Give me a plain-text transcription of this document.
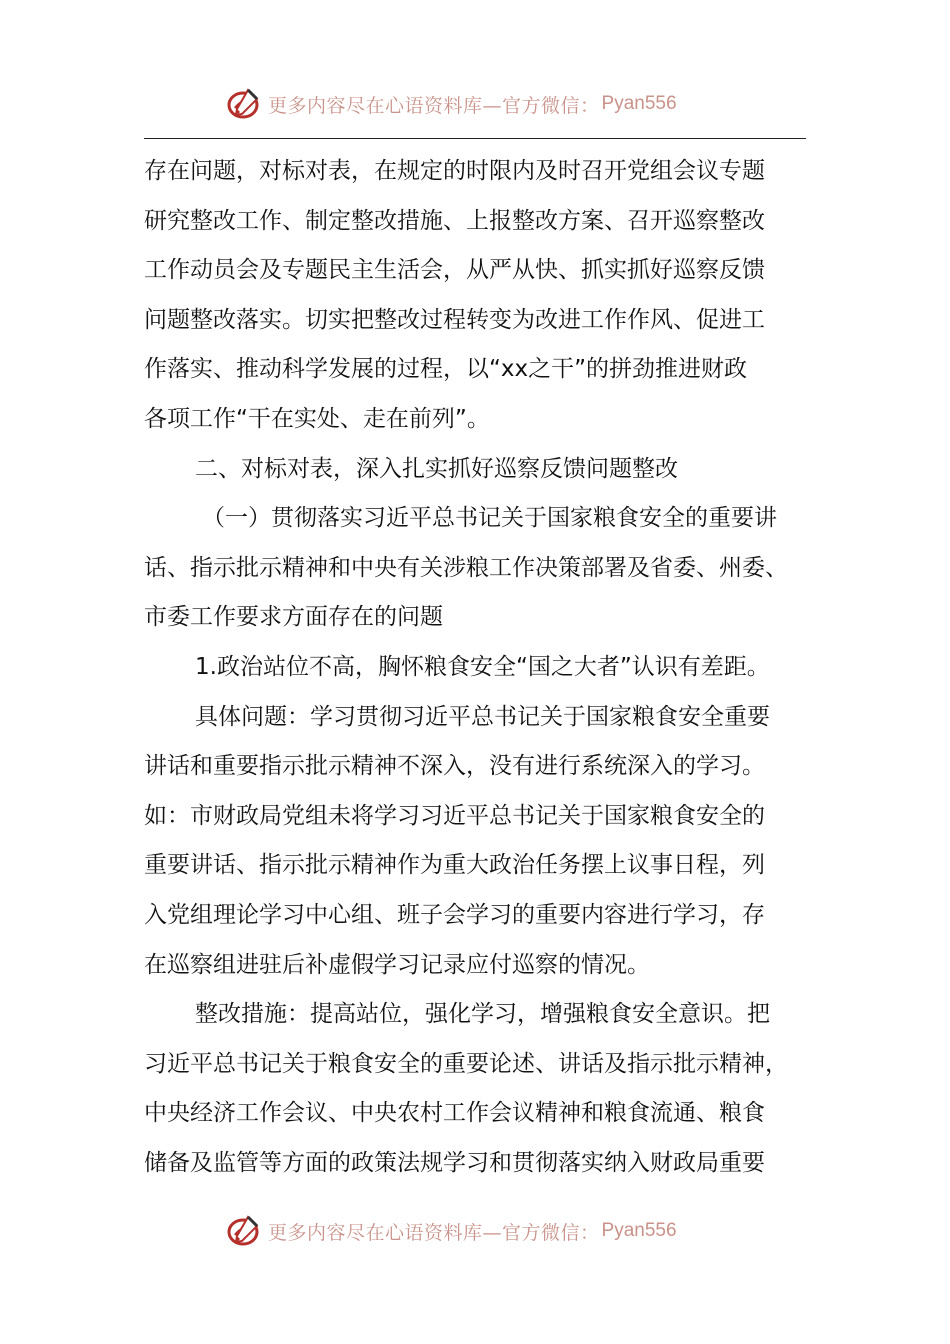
更多内容尽在心语资料库—官方微信： Pyan556
存在问题，对标对表，在规定的时限内及时召开党组会议专题
研究整改工作、制定整改措施、上报整改方案、召开巡察整改
工作动员会及专题民主生活会，从严从快、抓实抓好巡察反馈
问题整改落实。切实把整改过程转变为改进工作作风、促进工
作落实、推动科学发展的过程，以“xx之干”的拼劲推进财政
各项工作“干在实处、走在前列”。
二、对标对表，深入扎实抓好巡察反馈问题整改
（一）贯彻落实习近平总书记关于国家粮食安全的重要讲
话、指示批示精神和中央有关涉粮工作决策部署及省委、州委、
市委工作要求方面存在的问题
1.政治站位不高，胸怀粮食安全“国之大者”认识有差距。
具体问题：学习贯彻习近平总书记关于国家粮食安全重要
讲话和重要指示批示精神不深入，没有进行系统深入的学习。
如：市财政局党组未将学习习近平总书记关于国家粮食安全的
重要讲话、指示批示精神作为重大政治任务摆上议事日程，列
入党组理论学习中心组、班子会学习的重要内容进行学习，存
在巡察组进驻后补虚假学习记录应付巡察的情况。
整改措施：提高站位，强化学习，增强粮食安全意识。把
习近平总书记关于粮食安全的重要论述、讲话及指示批示精神，
中央经济工作会议、中央农村工作会议精神和粮食流通、粮食
储备及监管等方面的政策法规学习和贯彻落实纳入财政局重要
更多内容尽在心语资料库—官方微信： Pyan556
